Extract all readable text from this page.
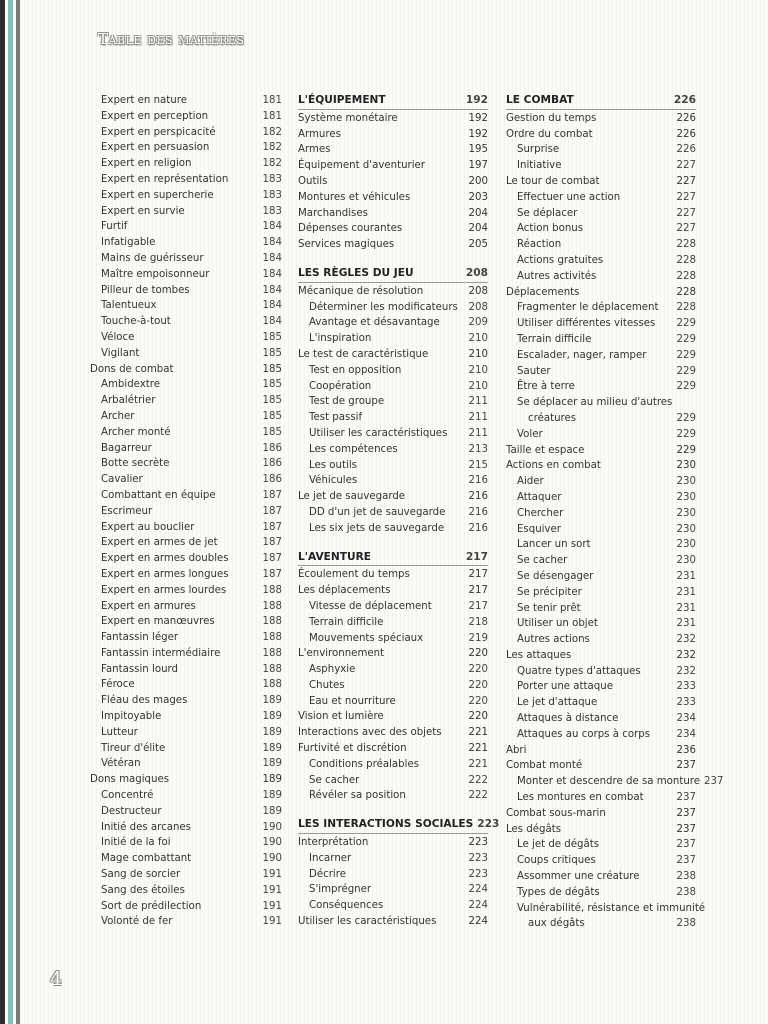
Table des matières
Expert en nature	181
Expert en perception	181
Expert en perspicacité	182
Expert en persuasion	182
Expert en religion	182
Expert en représentation	183
Expert en supercherie	183
Expert en survie	183
Furtif	184
Infatigable	184
Mains de guérisseur	184
Maître empoisonneur	184
Pilleur de tombes	184
Talentueux	184
Touche-à-tout	184
Véloce	185
Vigilant	185
Dons de combat	185
Ambidextre	185
Arbalétrier	185
Archer	185
Archer monté	185
Bagarreur	186
Botte secrète	186
Cavalier	186
Combattant en équipe	187
Escrimeur	187
Expert au bouclier	187
Expert en armes de jet	187
Expert en armes doubles	187
Expert en armes longues	187
Expert en armes lourdes	188
Expert en armures	188
Expert en manœuvres	188
Fantassin léger	188
Fantassin intermédiaire	188
Fantassin lourd	188
Féroce	188
Fléau des mages	189
Impitoyable	189
Lutteur	189
Tireur d'élite	189
Vétéran	189
Dons magiques	189
Concentré	189
Destructeur	189
Initié des arcanes	190
Initié de la foi	190
Mage combattant	190
Sang de sorcier	191
Sang des étoiles	191
Sort de prédilection	191
Volonté de fer	191
L'ÉQUIPEMENT	192
Système monétaire	192
Armures	192
Armes	195
Équipement d'aventurier	197
Outils	200
Montures et véhicules	203
Marchandises	204
Dépenses courantes	204
Services magiques	205
LES RÈGLES DU JEU	208
Mécanique de résolution	208
Déterminer les modificateurs	208
Avantage et désavantage	209
L'inspiration	210
Le test de caractéristique	210
Test en opposition	210
Coopération	210
Test de groupe	211
Test passif	211
Utiliser les caractéristiques	211
Les compétences	213
Les outils	215
Véhicules	216
Le jet de sauvegarde	216
DD d'un jet de sauvegarde	216
Les six jets de sauvegarde	216
L'AVENTURE	217
Écoulement du temps	217
Les déplacements	217
Vitesse de déplacement	217
Terrain difficile	218
Mouvements spéciaux	219
L'environnement	220
Asphyxie	220
Chutes	220
Eau et nourriture	220
Vision et lumière	220
Interactions avec des objets	221
Furtivité et discrétion	221
Conditions préalables	221
Se cacher	222
Révéler sa position	222
LES INTERACTIONS SOCIALES 223
Interprétation	223
Incarner	223
Décrire	223
S'imprégner	224
Conséquences	224
Utiliser les caractéristiques	224
LE COMBAT	226
Gestion du temps	226
Ordre du combat	226
Surprise	226
Initiative	227
Le tour de combat	227
Effectuer une action	227
Se déplacer	227
Action bonus	227
Réaction	228
Actions gratuites	228
Autres activités	228
Déplacements	228
Fragmenter le déplacement	228
Utiliser différentes vitesses	229
Terrain difficile	229
Escalader, nager, ramper	229
Sauter	229
Être à terre	229
Se déplacer au milieu d'autres
créatures	229
Voler	229
Taille et espace	229
Actions en combat	230
Aider	230
Attaquer	230
Chercher	230
Esquiver	230
Lancer un sort	230
Se cacher	230
Se désengager	231
Se précipiter	231
Se tenir prêt	231
Utiliser un objet	231
Autres actions	232
Les attaques	232
Quatre types d'attaques	232
Porter une attaque	233
Le jet d'attaque	233
Attaques à distance	234
Attaques au corps à corps	234
Abri	236
Combat monté	237
Monter et descendre de sa monture 237
Les montures en combat	237
Combat sous-marin	237
Les dégâts	237
Le jet de dégâts	237
Coups critiques	237
Assommer une créature	238
Types de dégâts	238
Vulnérabilité, résistance et immunité
aux dégâts	238
4
